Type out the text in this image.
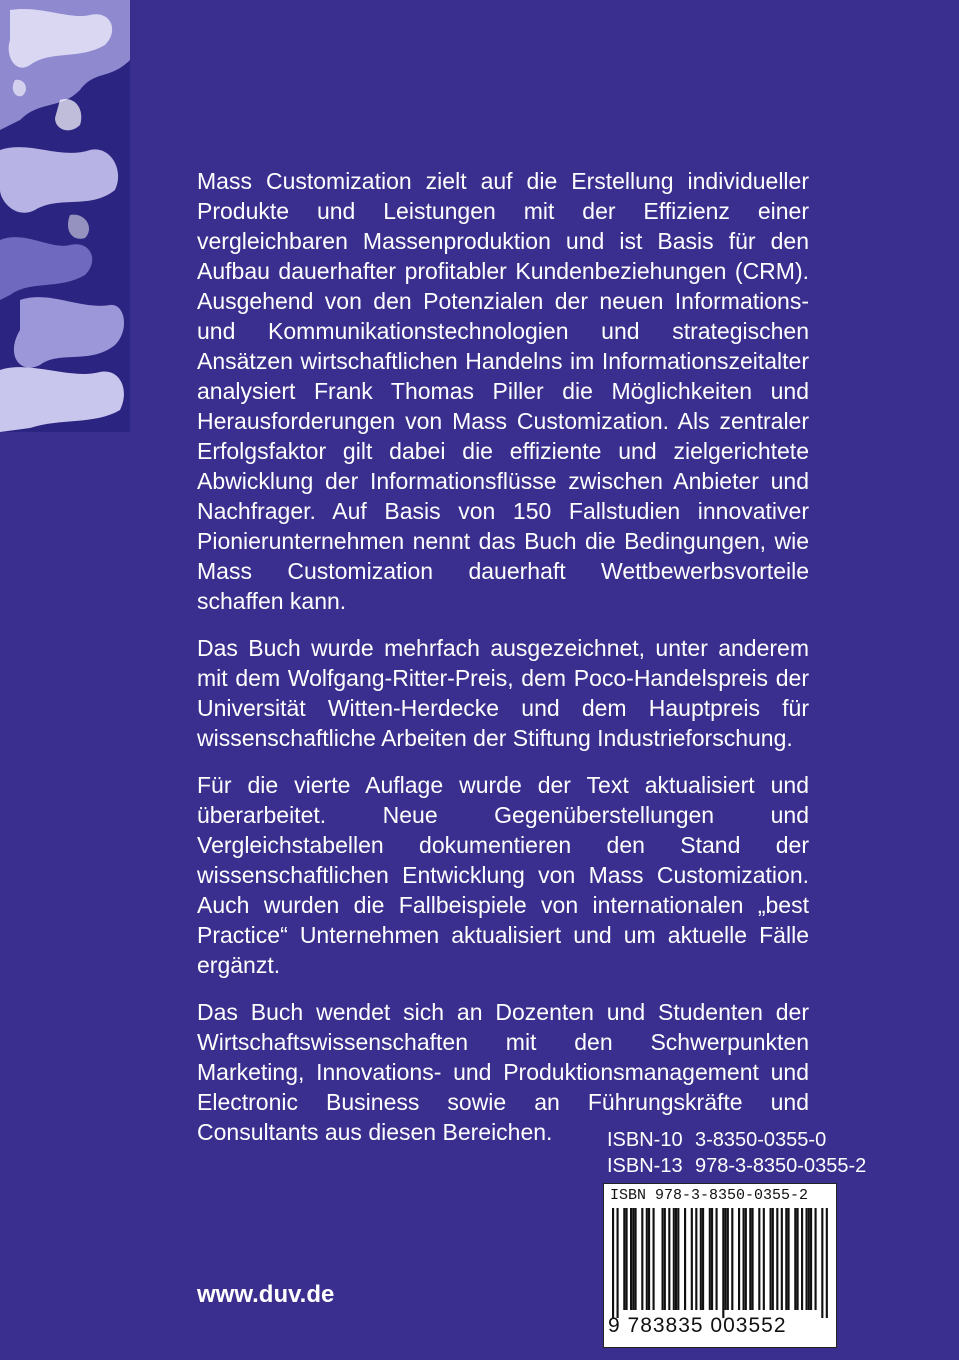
Mass Customization zielt auf die Erstellung individueller Produkte und Leistungen mit der Effizienz einer vergleichbaren Massenproduktion und ist Basis für den Aufbau dauerhafter profitabler Kundenbeziehungen (CRM). Ausgehend von den Potenzialen der neuen Informations- und Kommunikationstechnologien und strategischen Ansätzen wirtschaftlichen Handelns im Informationszeitalter analysiert Frank Thomas Piller die Möglichkeiten und Herausforderungen von Mass Customization. Als zentraler Erfolgsfaktor gilt dabei die effiziente und zielgerichtete Abwicklung der Informationsflüsse zwischen Anbieter und Nachfrager. Auf Basis von 150 Fallstudien innovativer Pionierunternehmen nennt das Buch die Bedingungen, wie Mass Customization dauerhaft Wettbewerbsvorteile schaffen kann.

Das Buch wurde mehrfach ausgezeichnet, unter anderem mit dem Wolfgang-Ritter-Preis, dem Poco-Handelspreis der Universität Witten-Herdecke und dem Hauptpreis für wissenschaftliche Arbeiten der Stiftung Industrieforschung.

Für die vierte Auflage wurde der Text aktualisiert und überarbeitet. Neue Gegenüberstellungen und Vergleichstabellen dokumentieren den Stand der wissenschaftlichen Entwicklung von Mass Customization. Auch wurden die Fallbeispiele von internationalen „best Practice“ Unternehmen aktualisiert und um aktuelle Fälle ergänzt.

Das Buch wendet sich an Dozenten und Studenten der Wirtschaftswissenschaften mit den Schwerpunkten Marketing, Innovations- und Produktionsmanagement und Electronic Business sowie an Führungskräfte und Consultants aus diesen Bereichen.	ISBN-10 3-8350-0355-0
ISBN-13 978-3-8350-0355-2
ISBN 978-3-8350-0355-2
9 783835 003552
www.duv.de
